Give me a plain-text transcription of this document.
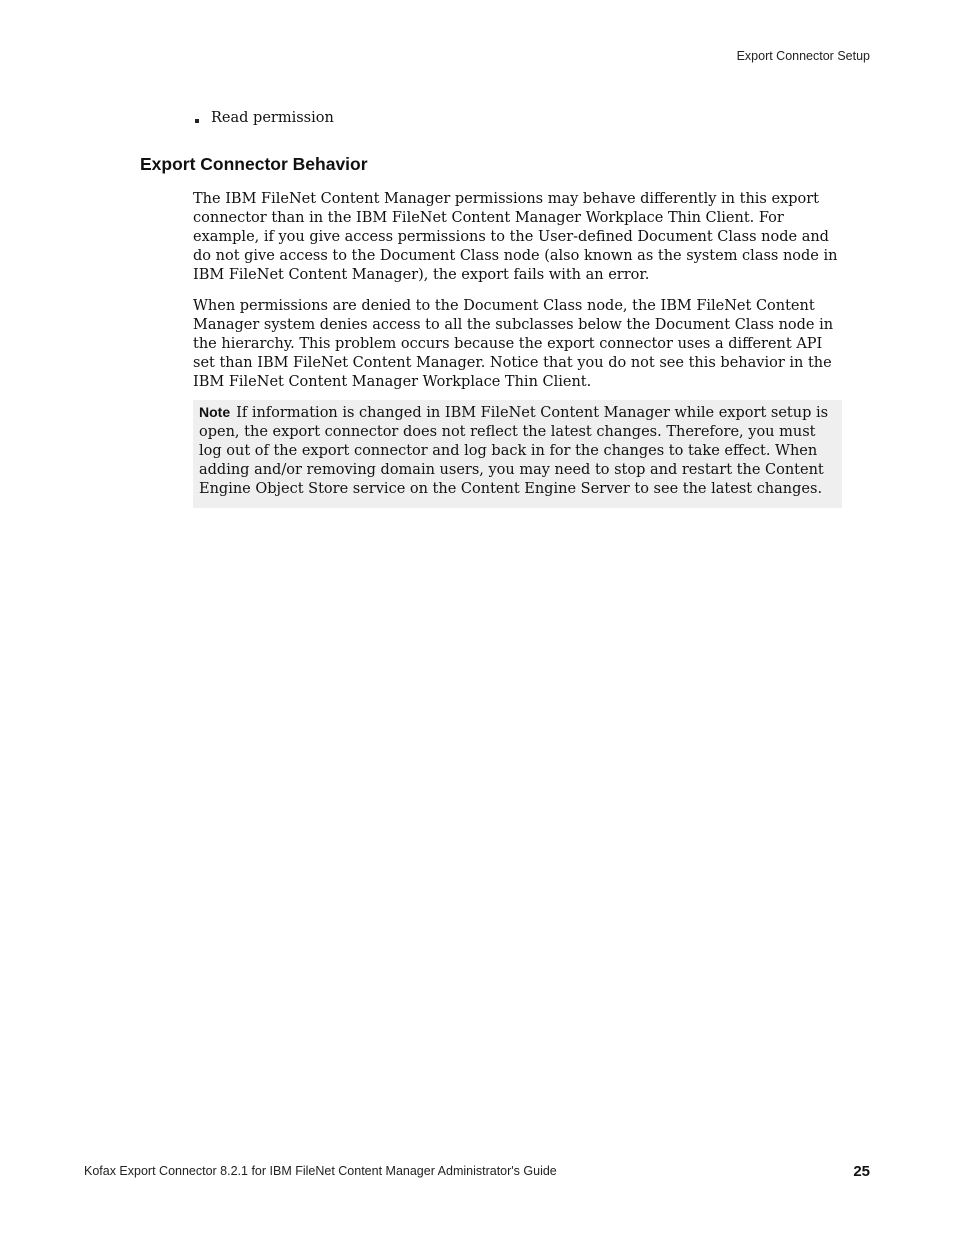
Export Connector Setup
Read permission
Export Connector Behavior

The IBM FileNet Content Manager permissions may behave differently in this export connector than in the IBM FileNet Content Manager Workplace Thin Client. For example, if you give access permissions to the User-defined Document Class node and do not give access to the Document Class node (also known as the system class node in IBM FileNet Content Manager), the export fails with an error.

When permissions are denied to the Document Class node, the IBM FileNet Content Manager system denies access to all the subclasses below the Document Class node in the hierarchy. This problem occurs because the export connector uses a different API set than IBM FileNet Content Manager. Notice that you do not see this behavior in the IBM FileNet Content Manager Workplace Thin Client.

Note If information is changed in IBM FileNet Content Manager while export setup is open, the export connector does not reflect the latest changes. Therefore, you must log out of the export connector and log back in for the changes to take effect. When adding and/or removing domain users, you may need to stop and restart the Content Engine Object Store service on the Content Engine Server to see the latest changes.
Kofax Export Connector 8.2.1 for IBM FileNet Content Manager Administrator's Guide	25
